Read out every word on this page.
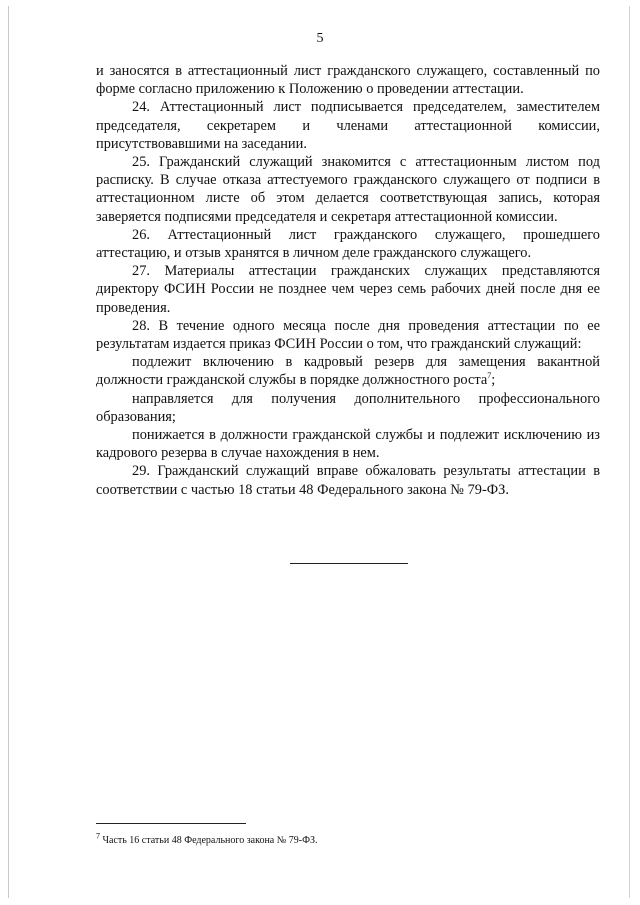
5

и заносятся в аттестационный лист гражданского служащего, составленный по форме согласно приложению к Положению о проведении аттестации.

24. Аттестационный лист подписывается председателем, заместителем председателя, секретарем и членами аттестационной комиссии, присутствовавшими на заседании.

25. Гражданский служащий знакомится с аттестационным листом под расписку. В случае отказа аттестуемого гражданского служащего от подписи в аттестационном листе об этом делается соответствующая запись, которая заверяется подписями председателя и секретаря аттестационной комиссии.

26. Аттестационный лист гражданского служащего, прошедшего аттестацию, и отзыв хранятся в личном деле гражданского служащего.

27. Материалы аттестации гражданских служащих представляются директору ФСИН России не позднее чем через семь рабочих дней после дня ее проведения.

28. В течение одного месяца после дня проведения аттестации по ее результатам издается приказ ФСИН России о том, что гражданский служащий:

подлежит включению в кадровый резерв для замещения вакантной должности гражданской службы в порядке должностного роста$^7$;

направляется для получения дополнительного профессионального образования;

понижается в должности гражданской службы и подлежит исключению из кадрового резерва в случае нахождения в нем.

29. Гражданский служащий вправе обжаловать результаты аттестации в соответствии с частью 18 статьи 48 Федерального закона № 79-ФЗ.

$^7$ Часть 16 статьи 48 Федерального закона № 79-ФЗ.
